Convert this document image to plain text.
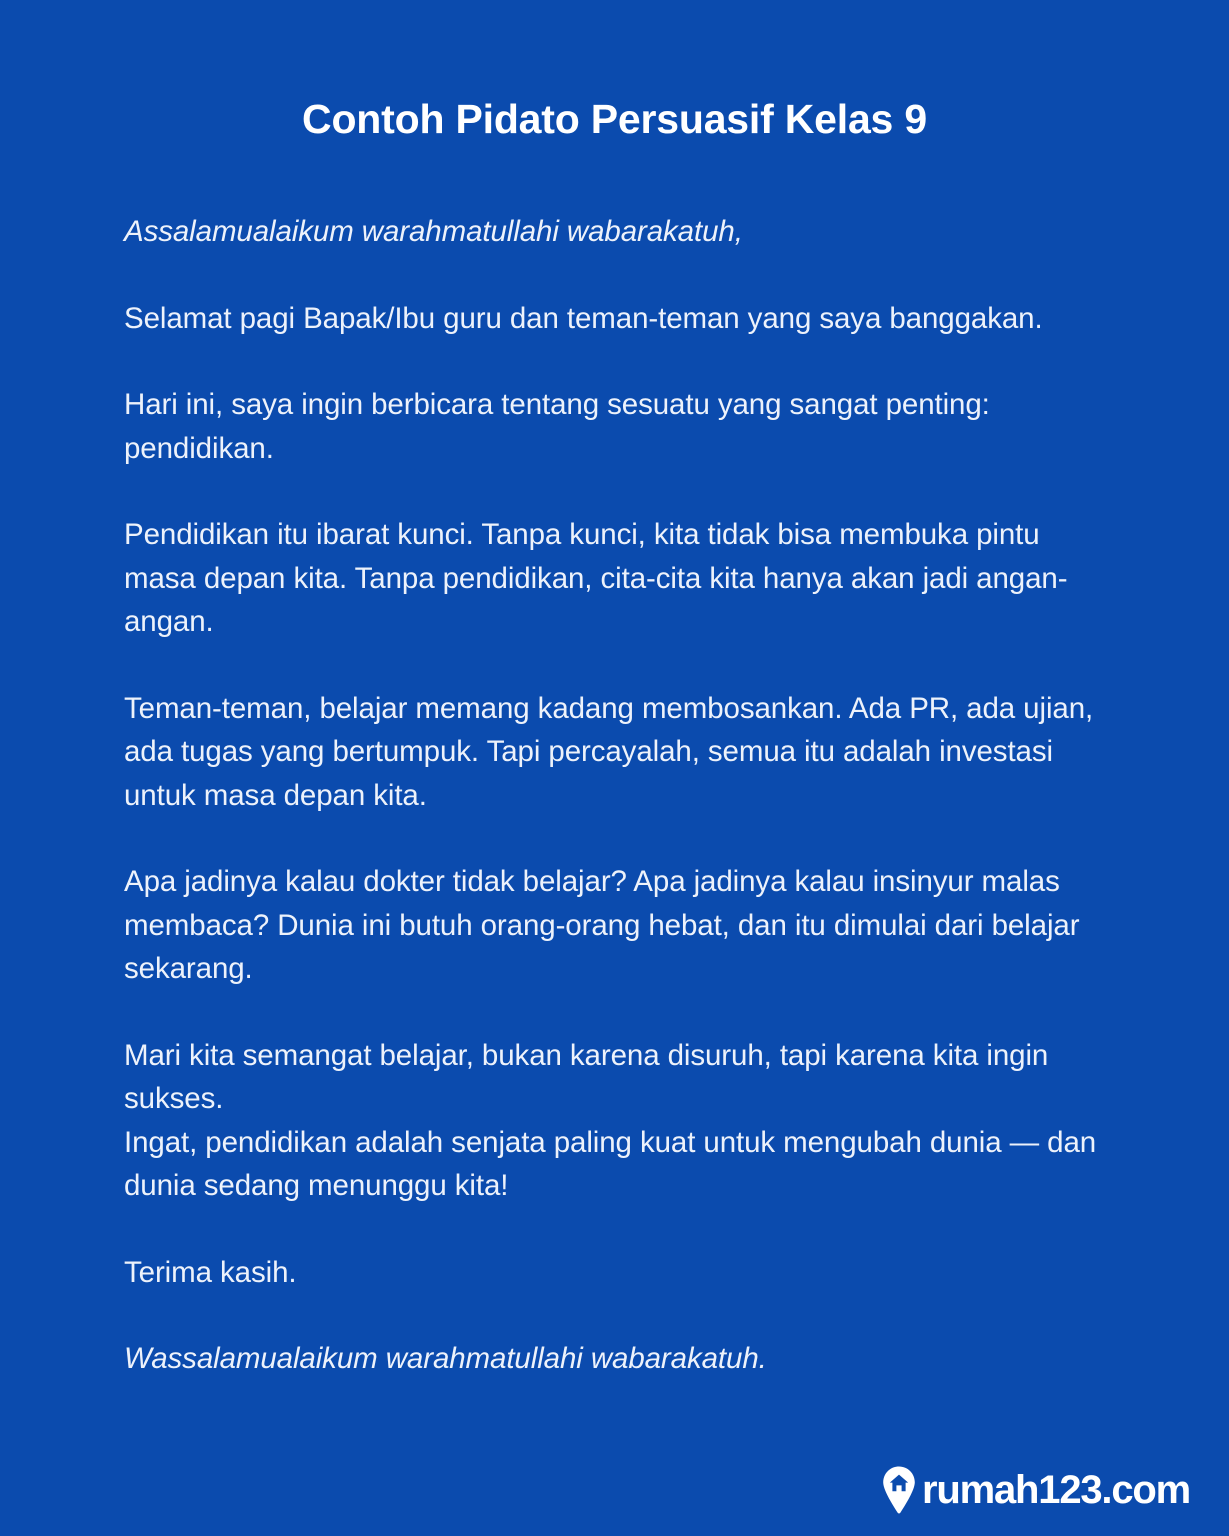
Contoh Pidato Persuasif Kelas 9

Assalamualaikum warahmatullahi wabarakatuh,

Selamat pagi Bapak/Ibu guru dan teman-teman yang saya banggakan.

Hari ini, saya ingin berbicara tentang sesuatu yang sangat penting: pendidikan.

Pendidikan itu ibarat kunci. Tanpa kunci, kita tidak bisa membuka pintu masa depan kita. Tanpa pendidikan, cita-cita kita hanya akan jadi angan-angan.

Teman-teman, belajar memang kadang membosankan. Ada PR, ada ujian, ada tugas yang bertumpuk. Tapi percayalah, semua itu adalah investasi untuk masa depan kita.

Apa jadinya kalau dokter tidak belajar? Apa jadinya kalau insinyur malas membaca? Dunia ini butuh orang-orang hebat, dan itu dimulai dari belajar sekarang.

Mari kita semangat belajar, bukan karena disuruh, tapi karena kita ingin sukses.
Ingat, pendidikan adalah senjata paling kuat untuk mengubah dunia — dan dunia sedang menunggu kita!

Terima kasih.

Wassalamualaikum warahmatullahi wabarakatuh.

rumah123.com
